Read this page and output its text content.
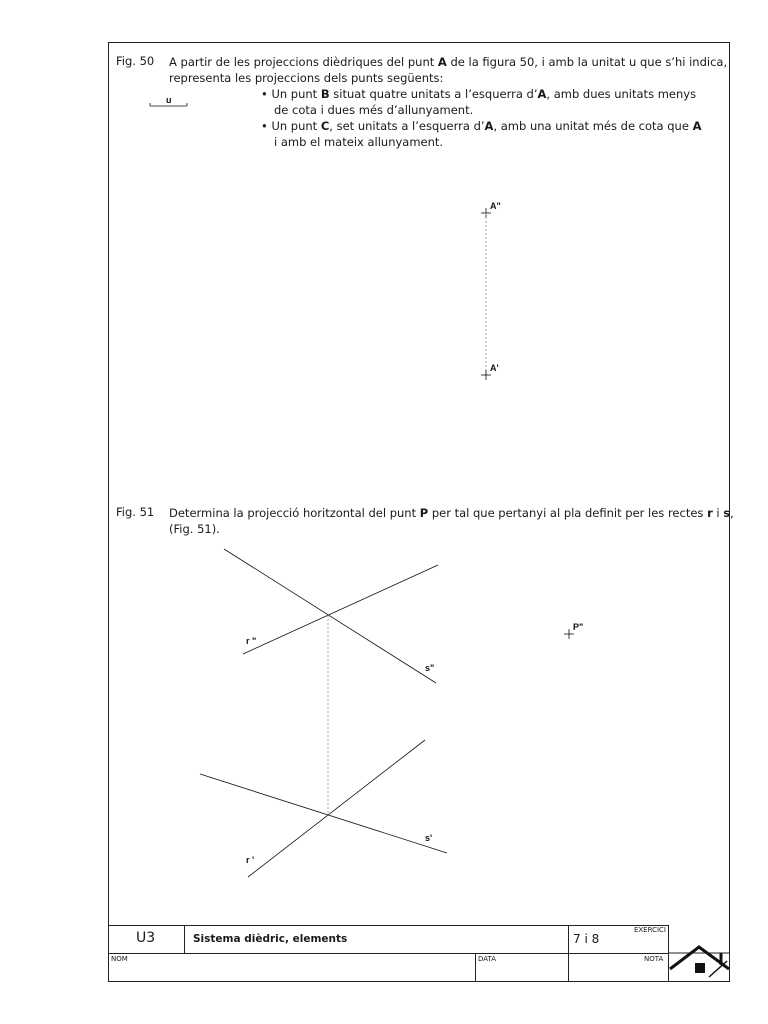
Fig. 50 A partir de les projeccions dièdriques del punt A de la figura 50, i amb la unitat u que s’hi indica,
representa les projeccions dels punts següents:
• Un punt B situat quatre unitats a l’esquerra d’A, amb dues unitats menys
de cota i dues més d’allunyament.
• Un punt C, set unitats a l’esquerra d’A, amb una unitat més de cota que A
i amb el mateix allunyament.
Fig. 51 Determina la projecció horitzontal del punt P per tal que pertanyi al pla definit per les rectes r i s,
(Fig. 51).
u
A"
A'
r "
s"
r '
s'
P"
U3	Sistema dièdric, elements	7 i 8
EXERCICI
NOM	DATA	NOTA
